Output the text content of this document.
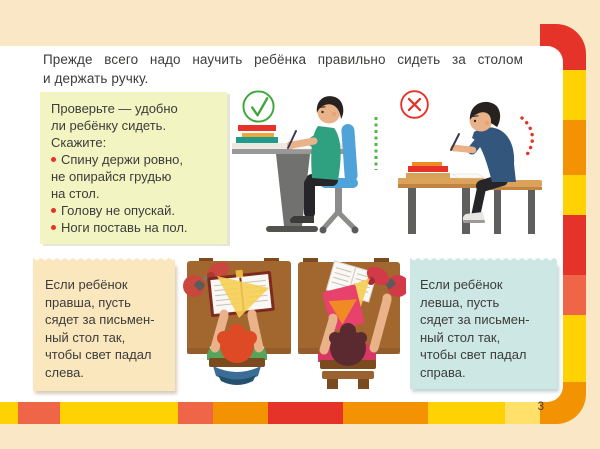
Прежде всего надо научить ребёнка правильно сидеть за столом
и держать ручку.
Проверьте — удобно
ли ребёнку сидеть.
Скажите:
Спину держи ровно,
не опирайся грудью
на стол.
Голову не опускай.
Ноги поставь на пол.
Если ребёнок
правша, пусть
сядет за письмен-
ный стол так,
чтобы свет падал
слева.
Если ребёнок
левша, пусть
сядет за письмен-
ный стол так,
чтобы свет падал
справа.
3
